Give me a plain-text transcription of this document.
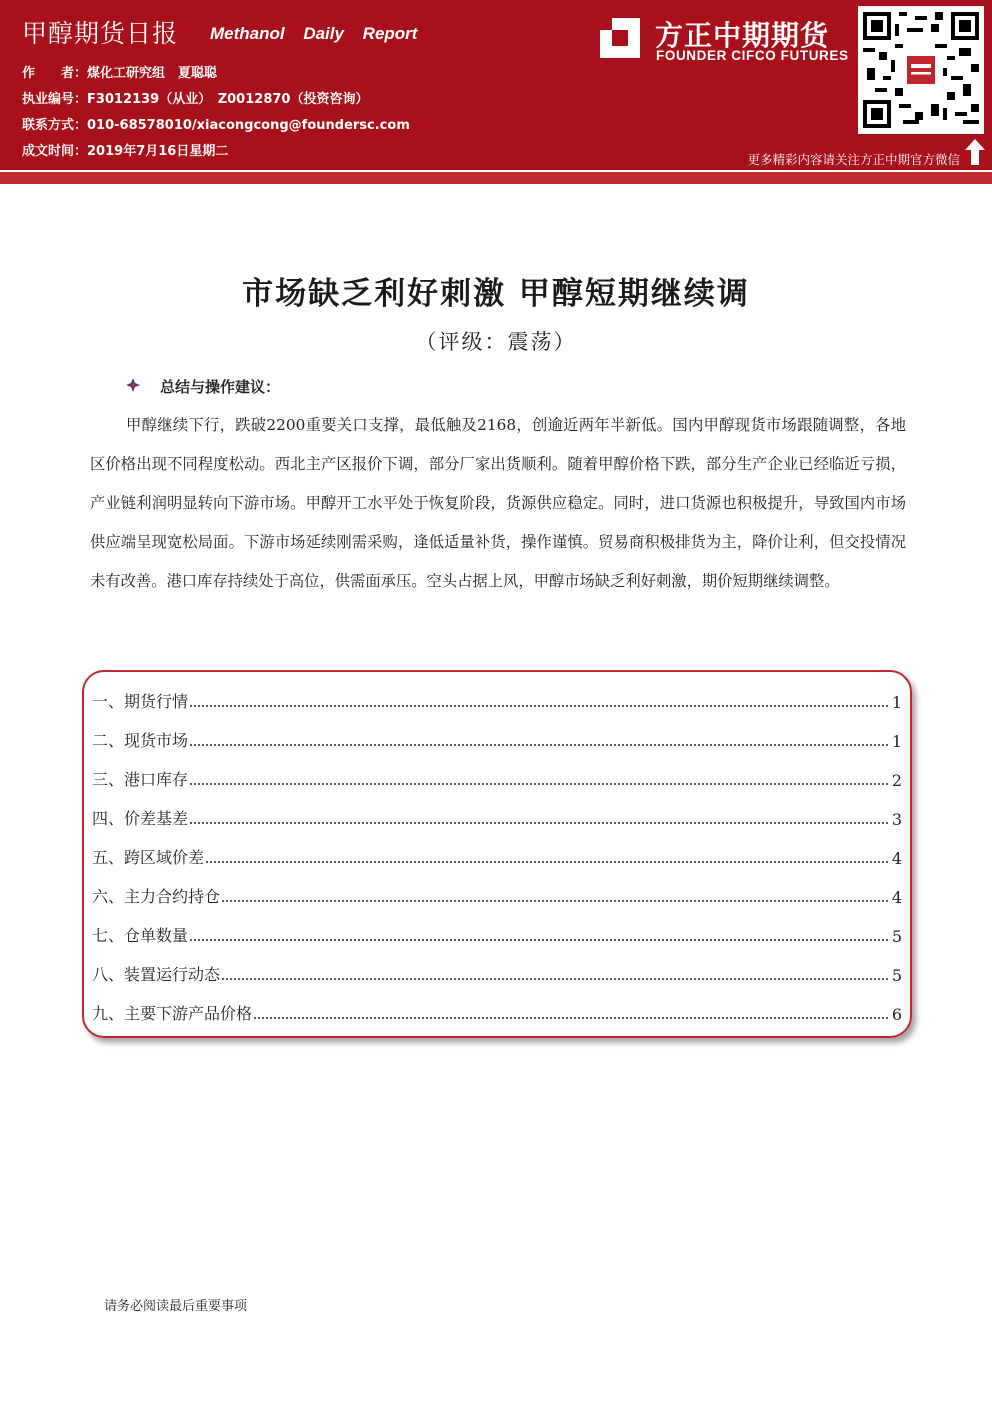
甲醇期货日报 Methanol Daily Report
作　　者：煤化工研究组　夏聪聪
执业编号：F3012139（从业）　Z0012870（投资咨询）
联系方式：010-68578010/xiacongcong@foundersc.com
成文时间：2019年7月16日星期二
方正中期期货
FOUNDER CIFCO FUTURES
更多精彩内容请关注方正中期官方微信
市场缺乏利好刺激 甲醇短期继续调
（评级：震荡）
总结与操作建议：
甲醇继续下行，跌破2200重要关口支撑，最低触及2168，创逾近两年半新低。国内甲醇现货市场跟随调整，各地区价格出现不同程度松动。西北主产区报价下调，部分厂家出货顺利。随着甲醇价格下跌，部分生产企业已经临近亏损，产业链利润明显转向下游市场。甲醇开工水平处于恢复阶段，货源供应稳定。同时，进口货源也积极提升，导致国内市场供应端呈现宽松局面。下游市场延续刚需采购，逢低适量补货，操作谨慎。贸易商积极排货为主，降价让利，但交投情况未有改善。港口库存持续处于高位，供需面承压。空头占据上风，甲醇市场缺乏利好刺激，期价短期继续调整。
一、期货行情	1
二、现货市场	1
三、港口库存	2
四、价差基差	3
五、跨区域价差	4
六、主力合约持仓	4
七、仓单数量	5
八、装置运行动态	5
九、主要下游产品价格	6
请务必阅读最后重要事项
